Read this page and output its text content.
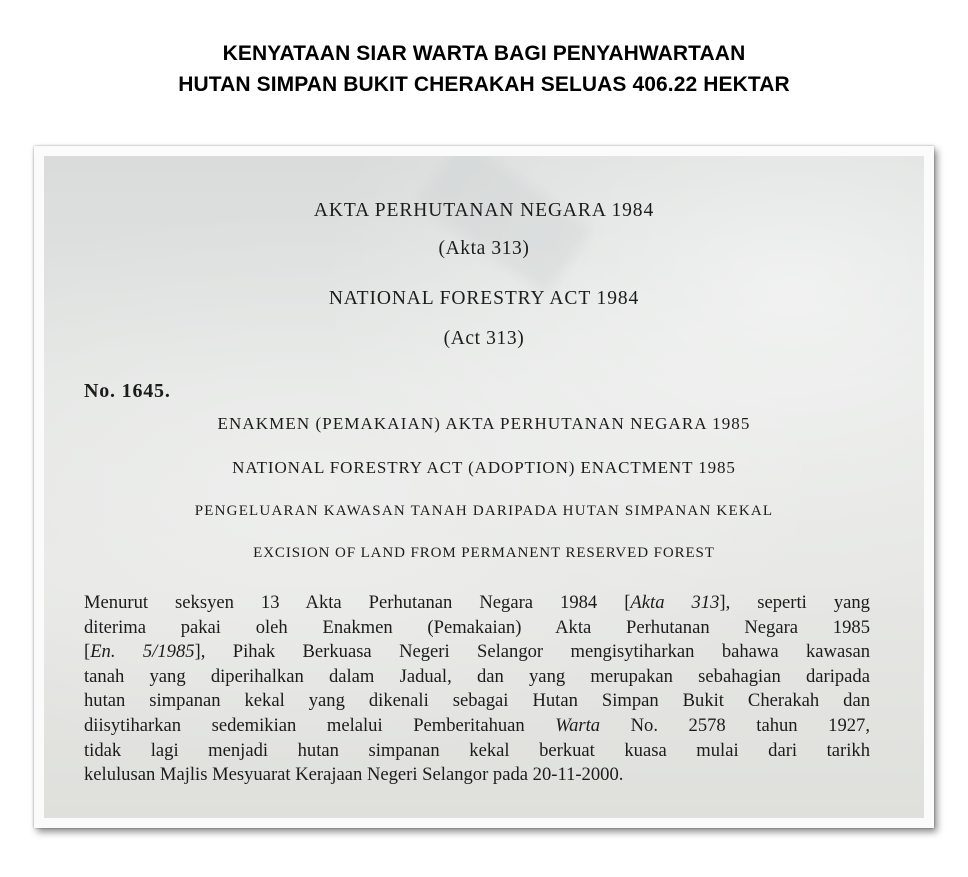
KENYATAAN SIAR WARTA BAGI PENYAHWARTAAN
HUTAN SIMPAN BUKIT CHERAKAH SELUAS 406.22 HEKTAR
AKTA PERHUTANAN NEGARA 1984
(Akta 313)
NATIONAL FORESTRY ACT 1984
(Act 313)
No. 1645.
ENAKMEN (PEMAKAIAN) AKTA PERHUTANAN NEGARA 1985
NATIONAL FORESTRY ACT (ADOPTION) ENACTMENT 1985
PENGELUARAN KAWASAN TANAH DARIPADA HUTAN SIMPANAN KEKAL
EXCISION OF LAND FROM PERMANENT RESERVED FOREST
Menurut seksyen 13 Akta Perhutanan Negara 1984 [Akta 313], seperti yang
diterima pakai oleh Enakmen (Pemakaian) Akta Perhutanan Negara 1985
[En. 5/1985], Pihak Berkuasa Negeri Selangor mengisytiharkan bahawa kawasan
tanah yang diperihalkan dalam Jadual, dan yang merupakan sebahagian daripada
hutan simpanan kekal yang dikenali sebagai Hutan Simpan Bukit Cherakah dan
diisytiharkan sedemikian melalui Pemberitahuan Warta No. 2578 tahun 1927,
tidak lagi menjadi hutan simpanan kekal berkuat kuasa mulai dari tarikh
kelulusan Majlis Mesyuarat Kerajaan Negeri Selangor pada 20-11-2000.
